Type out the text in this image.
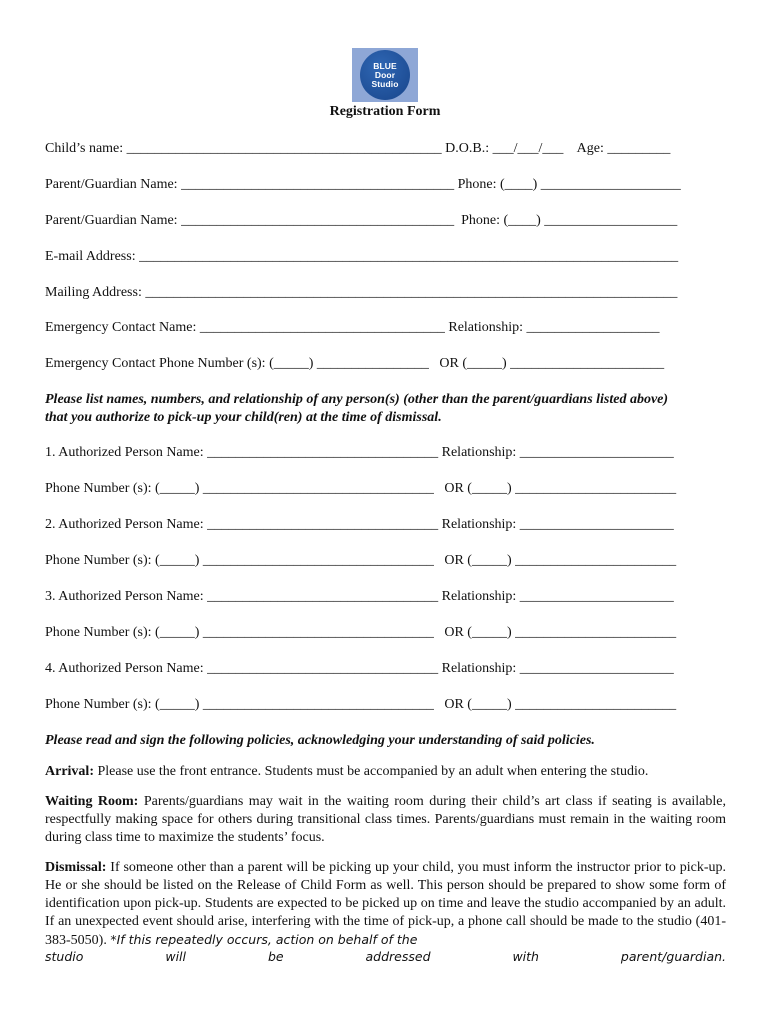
BLUE
Door
Studio
Registration Form
Child’s name: _____________________________________________ D.O.B.: ___/___/___    Age: _________
Parent/Guardian Name: _______________________________________ Phone: (____) ____________________
Parent/Guardian Name: _______________________________________  Phone: (____) ___________________
E-mail Address: _____________________________________________________________________________
Mailing Address: ____________________________________________________________________________
Emergency Contact Name: ___________________________________ Relationship: ___________________
Emergency Contact Phone Number (s): (_____) ________________   OR (_____) ______________________
Please list names, numbers, and relationship of any person(s) (other than the parent/guardians listed above)
that you authorize to pick-up your child(ren) at the time of dismissal.
1. Authorized Person Name: _________________________________ Relationship: ______________________
Phone Number (s): (_____) _________________________________   OR (_____) _______________________
2. Authorized Person Name: _________________________________ Relationship: ______________________
Phone Number (s): (_____) _________________________________   OR (_____) _______________________
3. Authorized Person Name: _________________________________ Relationship: ______________________
Phone Number (s): (_____) _________________________________   OR (_____) _______________________
4. Authorized Person Name: _________________________________ Relationship: ______________________
Phone Number (s): (_____) _________________________________   OR (_____) _______________________
Please read and sign the following policies, acknowledging your understanding of said policies.
Arrival: Please use the front entrance. Students must be accompanied by an adult when entering the studio.
Waiting Room: Parents/guardians may wait in the waiting room during their child’s art class if seating is available, respectfully making space for others during transitional class times. Parents/guardians must remain in the waiting room during class time to maximize the students’ focus.
Dismissal: If someone other than a parent will be picking up your child, you must inform the instructor prior to pick-up. He or she should be listed on the Release of Child Form as well. This person should be prepared to show some form of identification upon pick-up. Students are expected to be picked up on time and leave the studio accompanied by an adult. If an unexpected event should arise, interfering with the time of pick-up, a phone call should be made to the studio (401-383-5050). *If this repeatedly occurs, action on behalf of the
studio	will	be	addressed	with	parent/guardian.
